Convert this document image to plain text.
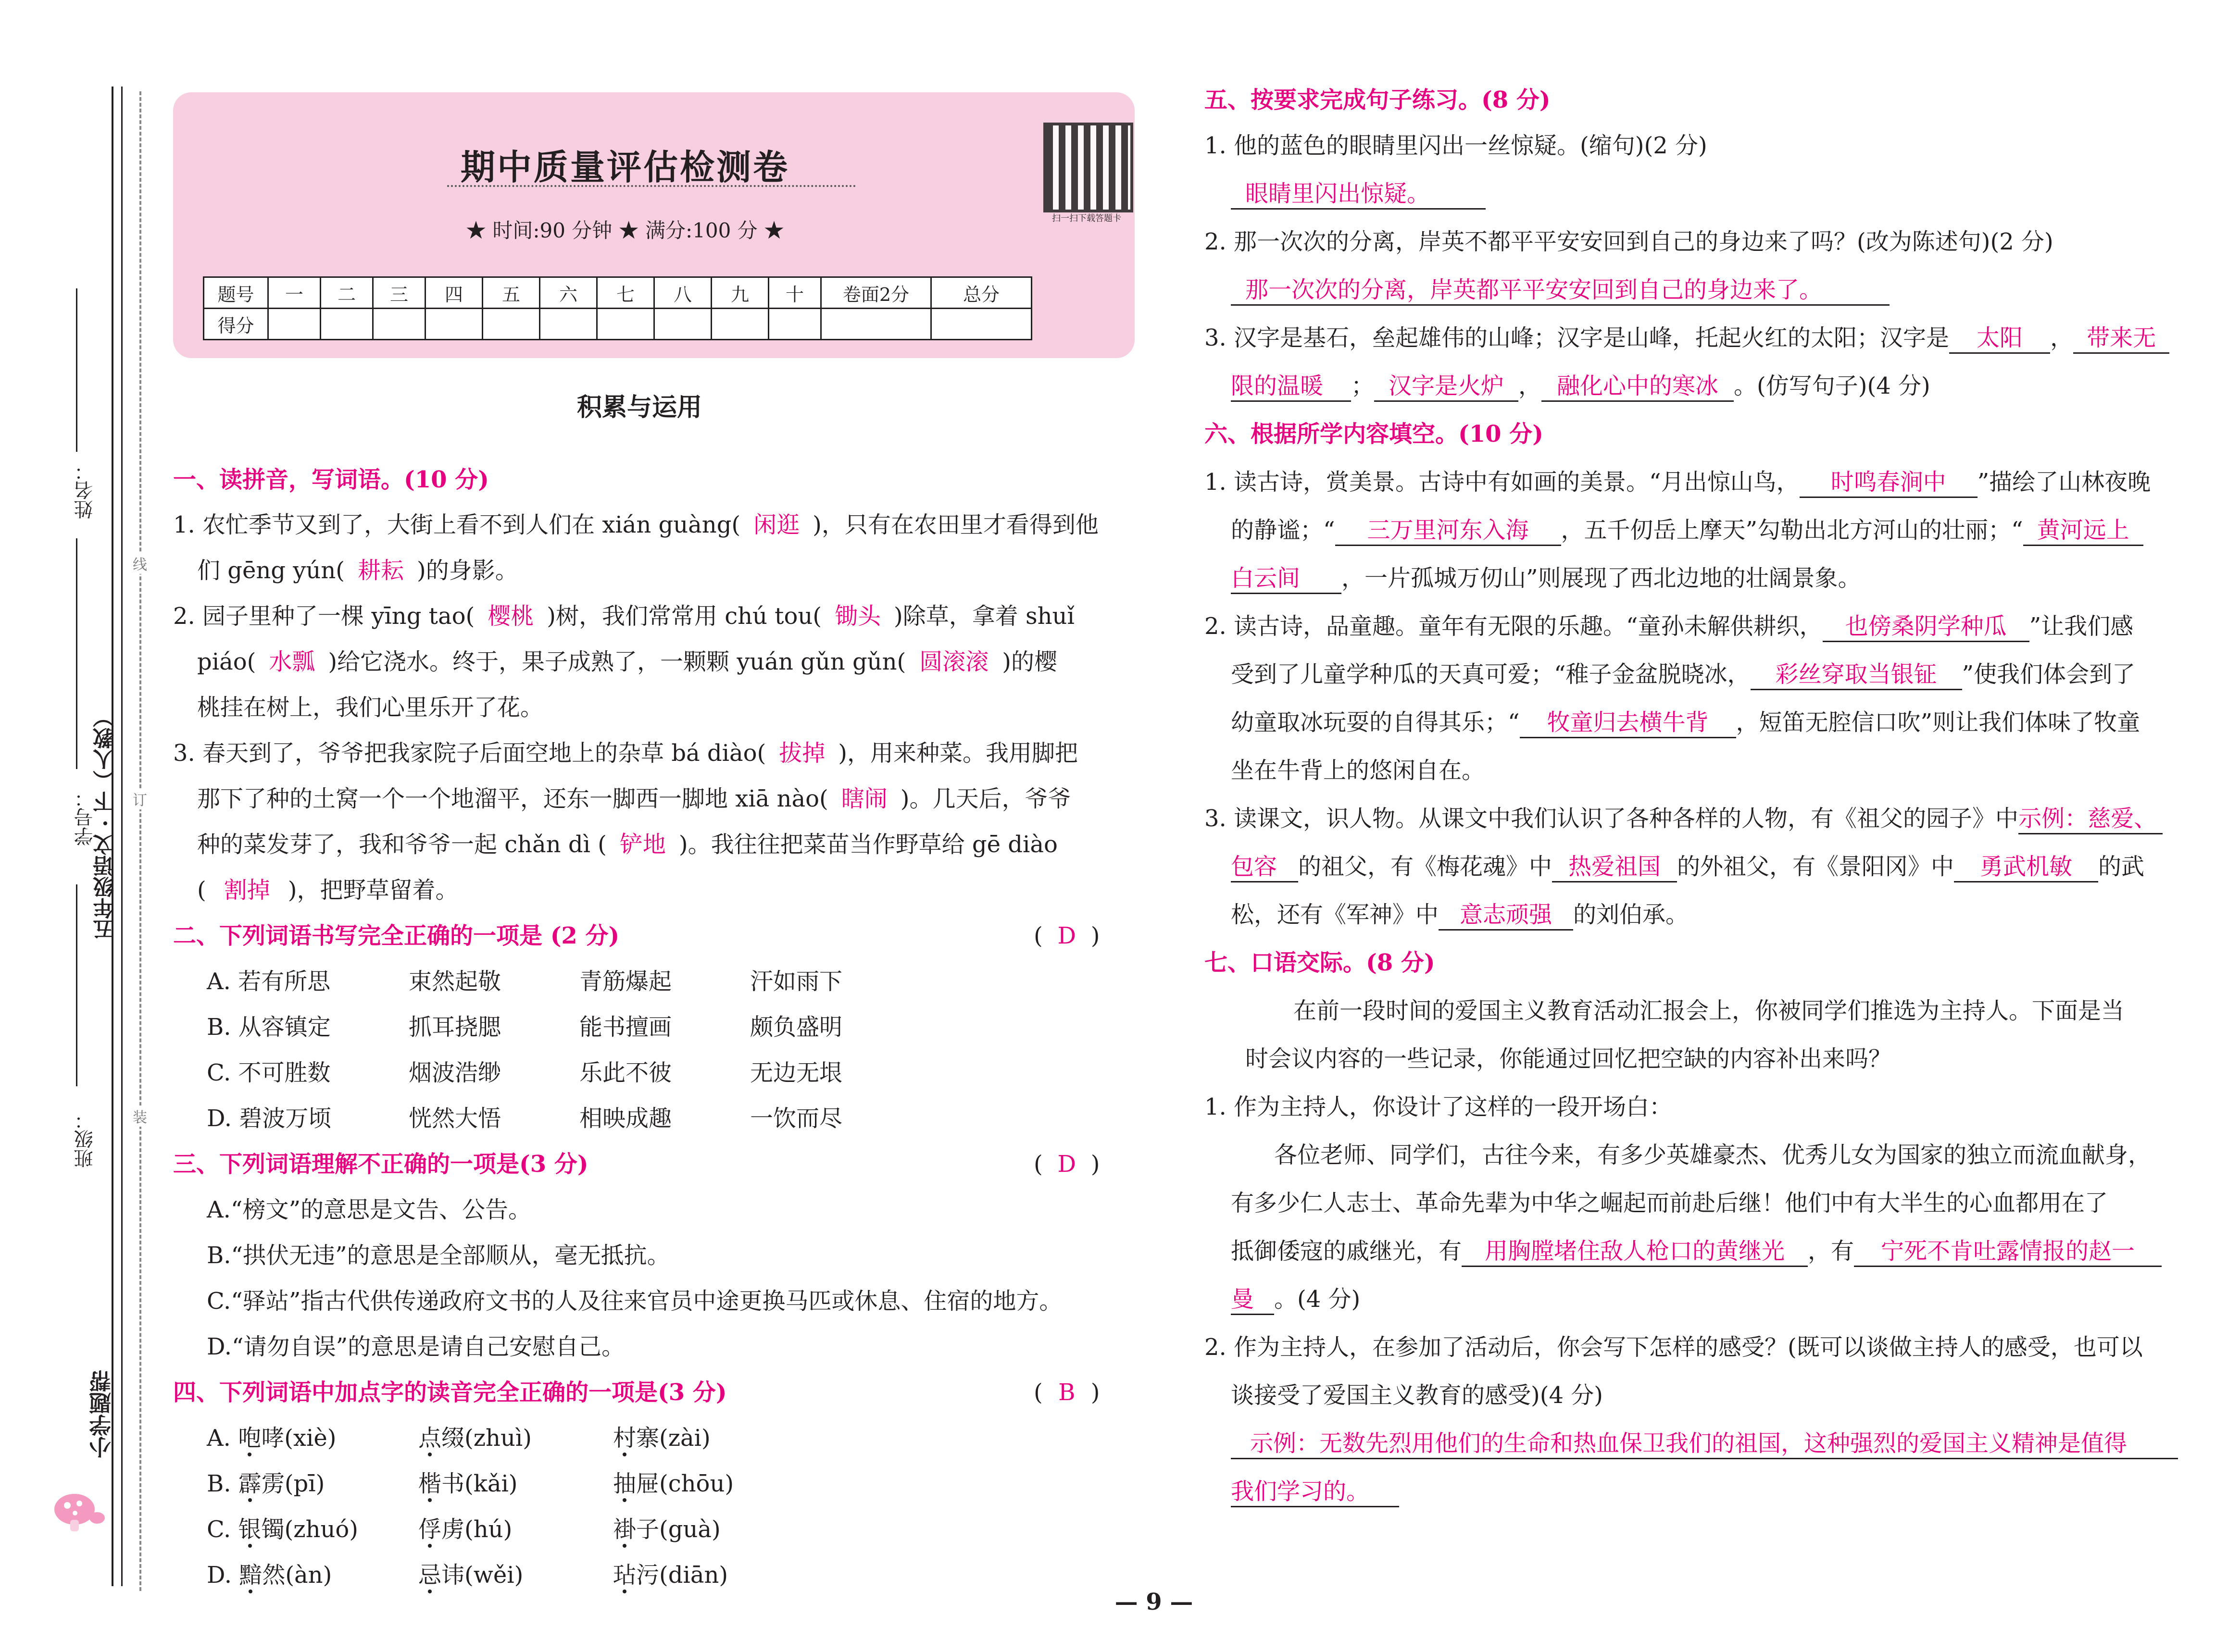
姓名：
学号：
五年级语文 · 下（人教）
班级：
线
订
装
小学题帮
期中质量评估检测卷
★ 时间:90 分钟 ★ 满分:100 分 ★
扫一扫下载答题卡
题号	一	二	三	四	五	六	七	八	九	十	卷面2分	总分
得分												
积累与运用
一、读拼音，写词语。(10 分)
1. 农忙季节又到了，大街上看不到人们在 xián guàng( 闲逛 )，只有在农田里才看得到他
们 gēng yún( 耕耘 )的身影。
2. 园子里种了一棵 yīng tao( 樱桃 )树，我们常常用 chú tou( 锄头 )除草，拿着 shuǐ
piáo( 水瓢 )给它浇水。终于，果子成熟了，一颗颗 yuán gǔn gǔn( 圆滚滚 )的樱
桃挂在树上，我们心里乐开了花。
3. 春天到了，爷爷把我家院子后面空地上的杂草 bá diào( 拔掉 )，用来种菜。我用脚把
那下了种的土窝一个一个地溜平，还东一脚西一脚地 xiā nào( 瞎闹 )。几天后，爷爷
种的菜发芽了，我和爷爷一起 chǎn dì ( 铲地 )。我往往把菜苗当作野草给 gē diào
( 割掉 )，把野草留着。
二、下列词语书写完全正确的一项是 (2 分)	( D )
A. 若有所思	束然起敬	青筋爆起	汗如雨下
B. 从容镇定	抓耳挠腮	能书擅画	颇负盛明
C. 不可胜数	烟波浩缈	乐此不彼	无边无垠
D. 碧波万顷	恍然大悟	相映成趣	一饮而尽
三、下列词语理解不正确的一项是(3 分)	( D )
A.“榜文”的意思是文告、公告。
B.“拱伏无违”的意思是全部顺从，毫无抵抗。
C.“驿站”指古代供传递政府文书的人及往来官员中途更换马匹或休息、住宿的地方。
D.“请勿自误”的意思是请自己安慰自己。
四、下列词语中加点字的读音完全正确的一项是(3 分)	( B )
A. 咆哮(xiè)	点缀(zhuì)	村寨(zài)
B. 霹雳(pī)	楷书(kǎi)	抽屉(chōu)
C. 银镯(zhuó)	俘虏(hú)	褂子(guà)
D. 黯然(àn)	忌讳(wěi)	玷污(diān)
五、按要求完成句子练习。(8 分)
1. 他的蓝色的眼睛里闪出一丝惊疑。(缩句)(2 分)
眼睛里闪出惊疑。
2. 那一次次的分离，岸英不都平平安安回到自己的身边来了吗？(改为陈述句)(2 分)
那一次次的分离，岸英都平平安安回到自己的身边来了。
3. 汉字是基石，垒起雄伟的山峰；汉字是山峰，托起火红的太阳；汉字是 太阳 ， 带来无
限的温暖 ； 汉字是火炉 ， 融化心中的寒冰 。(仿写句子)(4 分)
六、根据所学内容填空。(10 分)
1. 读古诗，赏美景。古诗中有如画的美景。“月出惊山鸟， 时鸣春涧中 ”描绘了山林夜晚
的静谧；“ 三万里河东入海 ，五千仞岳上摩天”勾勒出北方河山的壮丽；“ 黄河远上
白云间 ，一片孤城万仞山”则展现了西北边地的壮阔景象。
2. 读古诗，品童趣。童年有无限的乐趣。“童孙未解供耕织， 也傍桑阴学种瓜 ”让我们感
受到了儿童学种瓜的天真可爱；“稚子金盆脱晓冰， 彩丝穿取当银钲 ”使我们体会到了
幼童取冰玩耍的自得其乐；“ 牧童归去横牛背 ，短笛无腔信口吹”则让我们体味了牧童
坐在牛背上的悠闲自在。
3. 读课文，识人物。从课文中我们认识了各种各样的人物，有《祖父的园子》中示例：慈爱、
包容 的祖父，有《梅花魂》中 热爱祖国 的外祖父，有《景阳冈》中 勇武机敏 的武
松，还有《军神》中 意志顽强 的刘伯承。
七、口语交际。(8 分)
在前一段时间的爱国主义教育活动汇报会上，你被同学们推选为主持人。下面是当
时会议内容的一些记录，你能通过回忆把空缺的内容补出来吗？
1. 作为主持人，你设计了这样的一段开场白：
各位老师、同学们，古往今来，有多少英雄豪杰、优秀儿女为国家的独立而流血献身，
有多少仁人志士、革命先辈为中华之崛起而前赴后继！他们中有大半生的心血都用在了
抵御倭寇的戚继光，有 用胸膛堵住敌人枪口的黄继光 ，有 宁死不肯吐露情报的赵一
曼 。(4 分)
2. 作为主持人，在参加了活动后，你会写下怎样的感受？(既可以谈做主持人的感受，也可以
谈接受了爱国主义教育的感受)(4 分)
示例：无数先烈用他们的生命和热血保卫我们的祖国，这种强烈的爱国主义精神是值得
我们学习的。
— 9 —
